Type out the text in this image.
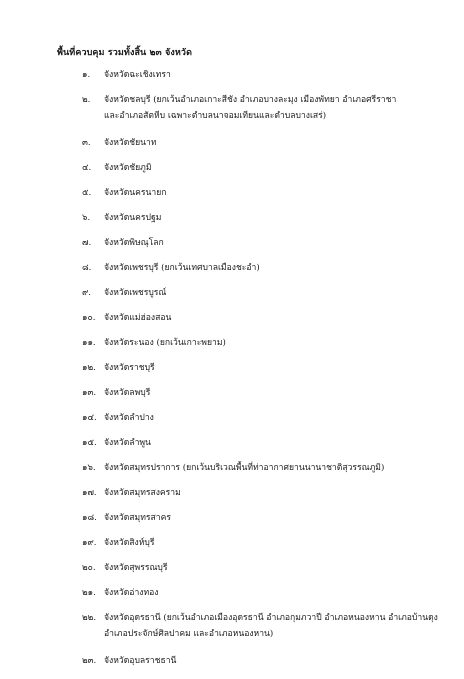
พื้นที่ควบคุม รวมทั้งสิ้น ๒๓ จังหวัด
๑.	จังหวัดฉะเชิงเทรา
๒.	จังหวัดชลบุรี (ยกเว้นอำเภอเกาะสีชัง อำเภอบางละมุง เมืองพัทยา อำเภอศรีราชา
และอำเภอสัตหีบ เฉพาะตำบลนาจอมเทียนและตำบลบางเสร่)
๓.	จังหวัดชัยนาท
๔.	จังหวัดชัยภูมิ
๕.	จังหวัดนครนายก
๖.	จังหวัดนครปฐม
๗.	จังหวัดพิษณุโลก
๘.	จังหวัดเพชรบุรี (ยกเว้นเทศบาลเมืองชะอำ)
๙.	จังหวัดเพชรบูรณ์
๑๐. จังหวัดแม่ฮ่องสอน
๑๑. จังหวัดระนอง (ยกเว้นเกาะพยาม)
๑๒. จังหวัดราชบุรี
๑๓. จังหวัดลพบุรี
๑๔. จังหวัดลำปาง
๑๕. จังหวัดลำพูน
๑๖. จังหวัดสมุทรปราการ (ยกเว้นบริเวณพื้นที่ท่าอากาศยานนานาชาติสุวรรณภูมิ)
๑๗. จังหวัดสมุทรสงคราม
๑๘. จังหวัดสมุทรสาคร
๑๙. จังหวัดสิงห์บุรี
๒๐. จังหวัดสุพรรณบุรี
๒๑. จังหวัดอ่างทอง
๒๒. จังหวัดอุดรธานี (ยกเว้นอำเภอเมืองอุดรธานี อำเภอกุมภวาปี อำเภอหนองหาน อำเภอบ้านดุง
อำเภอประจักษ์ศิลปาคม และอำเภอหนองหาน)
๒๓. จังหวัดอุบลราชธานี
